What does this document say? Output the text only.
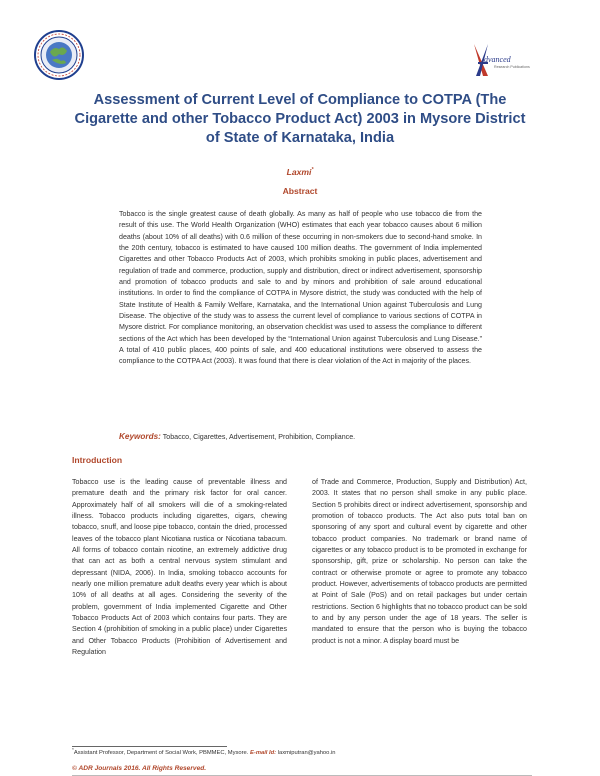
dvanced
Research Publications
Assessment of Current Level of Compliance to COTPA (The Cigarette and other Tobacco Product Act) 2003 in Mysore District of State of Karnataka, India
Laxmi*
Abstract

Tobacco is the single greatest cause of death globally. As many as half of people who use tobacco die from the result of this use. The World Health Organization (WHO) estimates that each year tobacco causes about 6 million deaths (about 10% of all deaths) with 0.6 million of these occurring in non-smokers due to second-hand smoke. In the 20th century, tobacco is estimated to have caused 100 million deaths. The government of India implemented Cigarettes and other Tobacco Products Act of 2003, which prohibits smoking in public places, advertisement and regulation of trade and commerce, production, supply and distribution, direct or indirect advertisement, sponsorship and promotion of tobacco products and sale to and by minors and prohibition of sale around educational institutions. In order to find the compliance of COTPA in Mysore district, the study was conducted with the help of State Institute of Health & Family Welfare, Karnataka, and the International Union against Tuberculosis and Lung Disease. The objective of the study was to assess the current level of compliance to various sections of COTPA in Mysore district. For compliance monitoring, an observation checklist was used to assess the compliance to different sections of the Act which has been developed by the “International Union against Tuberculosis and Lung Disease.” A total of 410 public places, 400 points of sale, and 400 educational institutions were observed to assess the compliance to the COTPA Act (2003). It was found that there is clear violation of the Act in majority of the places.

Keywords: Tobacco, Cigarettes, Advertisement, Prohibition, Compliance.
Introduction

Tobacco use is the leading cause of preventable illness and premature death and the primary risk factor for oral cancer. Approximately half of all smokers will die of a smoking-related illness. Tobacco products including cigarettes, cigars, chewing tobacco, snuff, and loose pipe tobacco, contain the dried, processed leaves of the tobacco plant Nicotiana rustica or Nicotiana tabacum. All forms of tobacco contain nicotine, an extremely addictive drug that can act as both a central nervous system stimulant and depressant (NIDA, 2006). In India, smoking tobacco accounts for nearly one million premature adult deaths every year which is about 10% of all deaths at all ages. Considering the severity of the problem, government of India implemented Cigarette and Other Tobacco Products Act of 2003 which contains four parts. They are Section 4 (prohibition of smoking in a public place) under Cigarettes and Other Tobacco Products (Prohibition of Advertisement and Regulation

of Trade and Commerce, Production, Supply and Distribution) Act, 2003. It states that no person shall smoke in any public place. Section 5 prohibits direct or indirect advertisement, sponsorship and promotion of tobacco products. The Act also puts total ban on sponsoring of any sport and cultural event by cigarette and other tobacco product companies. No trademark or brand name of cigarettes or any tobacco product is to be promoted in exchange for sponsorship, gift, prize or scholarship. No person can take the contract or otherwise promote or agree to promote any tobacco product. However, advertisements of tobacco products are permitted at Point of Sale (PoS) and on retail packages but under certain restrictions. Section 6 highlights that no tobacco product can be sold to and by any person under the age of 18 years. The seller is mandated to ensure that the person who is buying the tobacco product is not a minor. A display board must be

*Assistant Professor, Department of Social Work, PBMMEC, Mysore. E-mail Id: laxmiputran@yahoo.in
© ADR Journals 2016. All Rights Reserved.
